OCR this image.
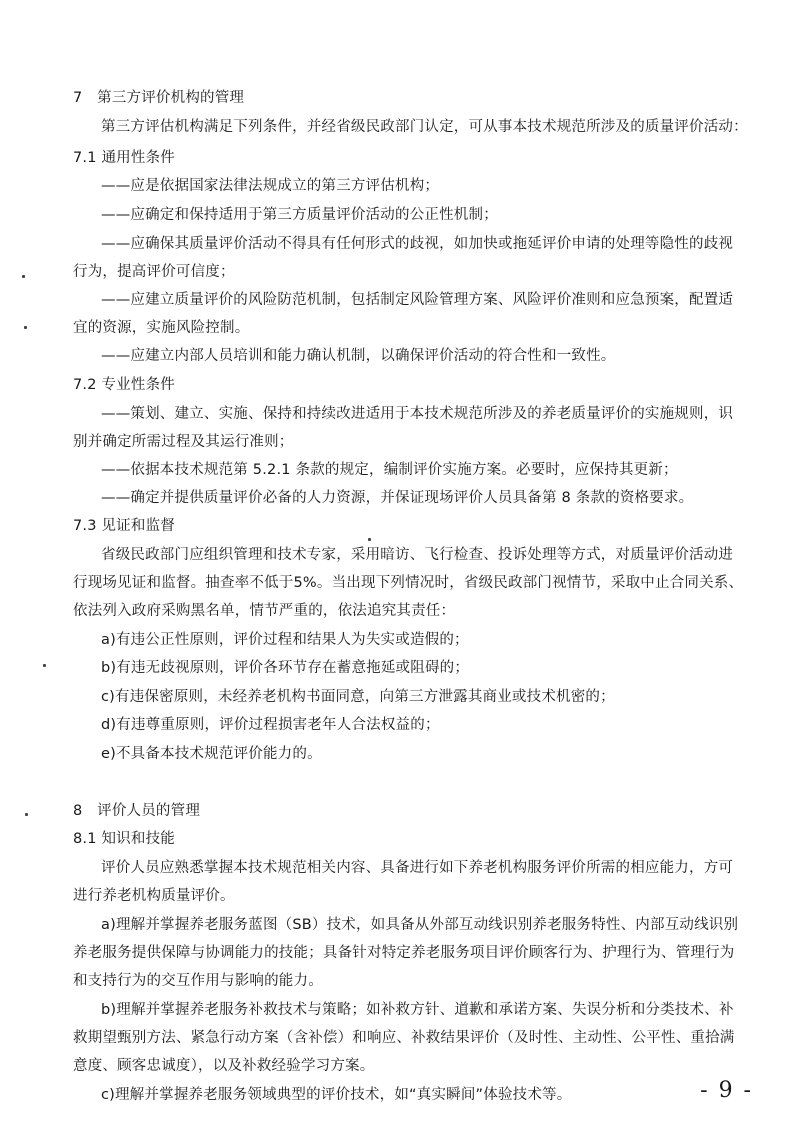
7　第三方评价机构的管理
第三方评估机构满足下列条件，并经省级民政部门认定，可从事本技术规范所涉及的质量评价活动：
7.1 通用性条件
——应是依据国家法律法规成立的第三方评估机构；
——应确定和保持适用于第三方质量评价活动的公正性机制；
——应确保其质量评价活动不得具有任何形式的歧视，如加快或拖延评价申请的处理等隐性的歧视
行为，提高评价可信度；
——应建立质量评价的风险防范机制，包括制定风险管理方案、风险评价准则和应急预案，配置适
宜的资源，实施风险控制。
——应建立内部人员培训和能力确认机制，以确保评价活动的符合性和一致性。
7.2 专业性条件
——策划、建立、实施、保持和持续改进适用于本技术规范所涉及的养老质量评价的实施规则，识
别并确定所需过程及其运行准则；
——依据本技术规范第 5.2.1 条款的规定，编制评价实施方案。必要时，应保持其更新；
——确定并提供质量评价必备的人力资源，并保证现场评价人员具备第 8 条款的资格要求。
7.3 见证和监督
省级民政部门应组织管理和技术专家，采用暗访、飞行检查、投诉处理等方式，对质量评价活动进
行现场见证和监督。抽查率不低于5%。当出现下列情况时，省级民政部门视情节，采取中止合同关系、
依法列入政府采购黑名单，情节严重的，依法追究其责任：
a)有违公正性原则，评价过程和结果人为失实或造假的；
b)有违无歧视原则，评价各环节存在蓄意拖延或阻碍的；
c)有违保密原则，未经养老机构书面同意，向第三方泄露其商业或技术机密的；
d)有违尊重原则，评价过程损害老年人合法权益的；
e)不具备本技术规范评价能力的。
8　评价人员的管理
8.1 知识和技能
评价人员应熟悉掌握本技术规范相关内容、具备进行如下养老机构服务评价所需的相应能力，方可
进行养老机构质量评价。
a)理解并掌握养老服务蓝图（SB）技术，如具备从外部互动线识别养老服务特性、内部互动线识别
养老服务提供保障与协调能力的技能；具备针对特定养老服务项目评价顾客行为、护理行为、管理行为
和支持行为的交互作用与影响的能力。
b)理解并掌握养老服务补救技术与策略；如补救方针、道歉和承诺方案、失误分析和分类技术、补
救期望甄别方法、紧急行动方案（含补偿）和响应、补救结果评价（及时性、主动性、公平性、重拾满
意度、顾客忠诚度），以及补救经验学习方案。
c)理解并掌握养老服务领域典型的评价技术，如“真实瞬间”体验技术等。	- 9 -
